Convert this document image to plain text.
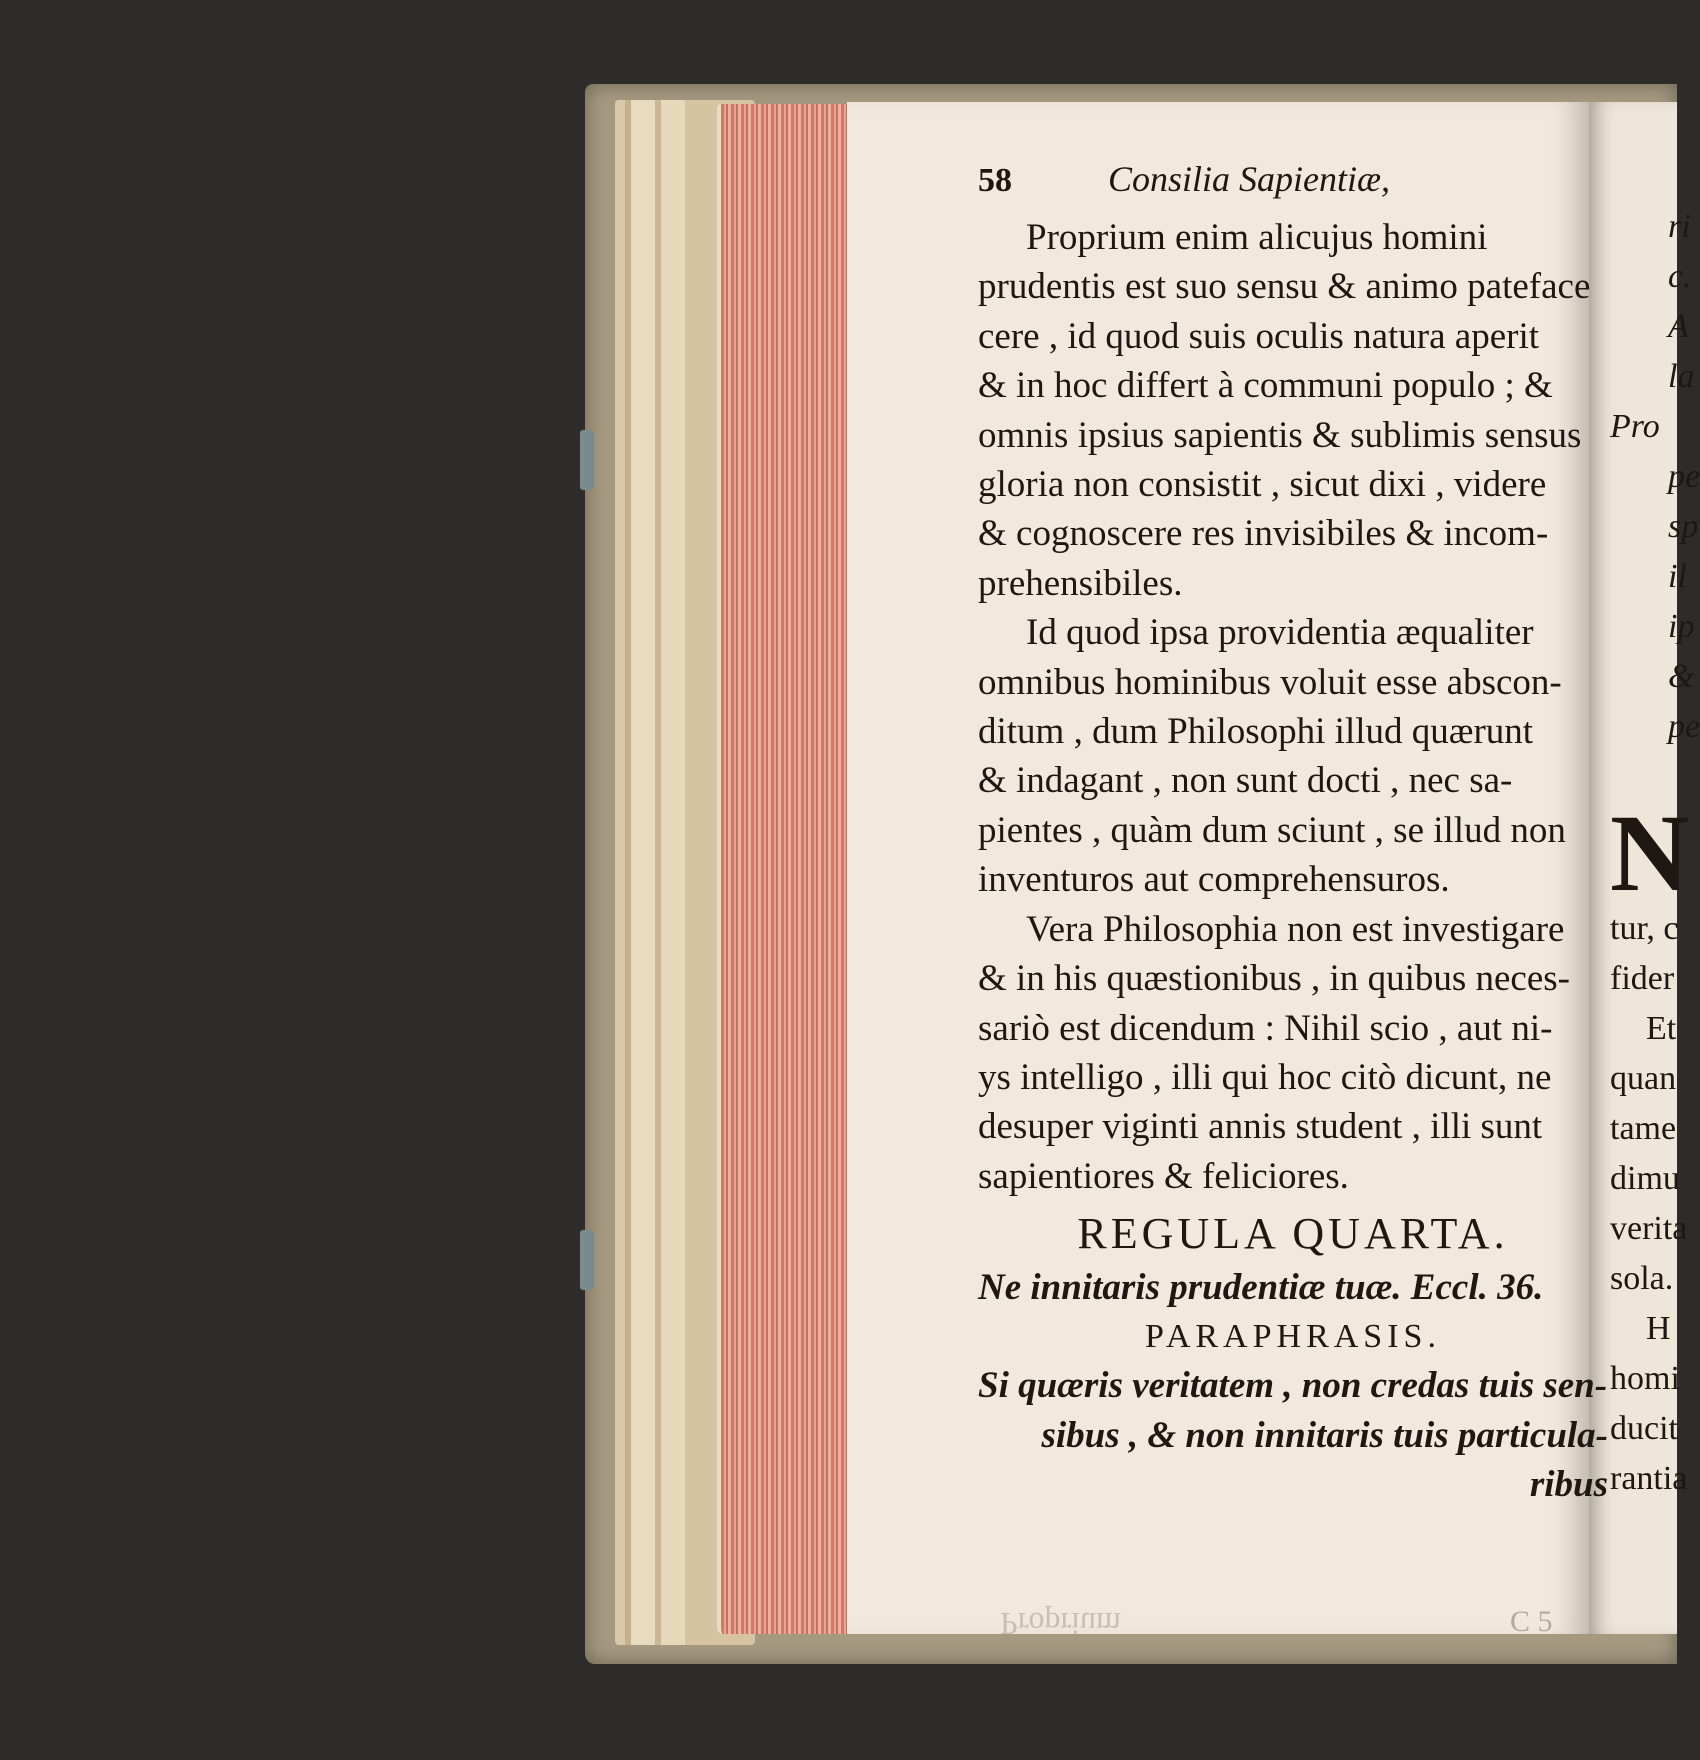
58	Consilia Sapientiæ,
Proprium enim alicujus homini
prudentis est suo sensu & animo pateface
cere , id quod suis oculis natura aperit
& in hoc differt à communi populo ; &
omnis ipsius sapientis & sublimis sensus
gloria non consistit , sicut dixi , videre
& cognoscere res invisibiles & incom-
prehensibiles.
Id quod ipsa providentia æqualiter
omnibus hominibus voluit esse abscon-
ditum , dum Philosophi illud quærunt
& indagant , non sunt docti , nec sa-
pientes , quàm dum sciunt , se illud non
inventuros aut comprehensuros.
Vera Philosophia non est investigare
& in his quæstionibus , in quibus neces-
sariò est dicendum : Nihil scio , aut ni-
ys intelligo , illi qui hoc citò dicunt, ne
desuper viginti annis student , illi sunt
sapientiores & feliciores.
REGULA QUARTA.
Ne innitaris prudentiæ tuæ. Eccl. 36.
PARAPHRASIS.
Si quæris veritatem , non credas tuis sen-
sibus , & non innitaris tuis particula-
ribus
ri
c.
A
la
Pro
pe
sp
il
ip
&
pe
N
tur, c
fider
Et
quan
tame
dimu
verita
sola.
H
homi
ducit
rantia
C 5
Proprium
